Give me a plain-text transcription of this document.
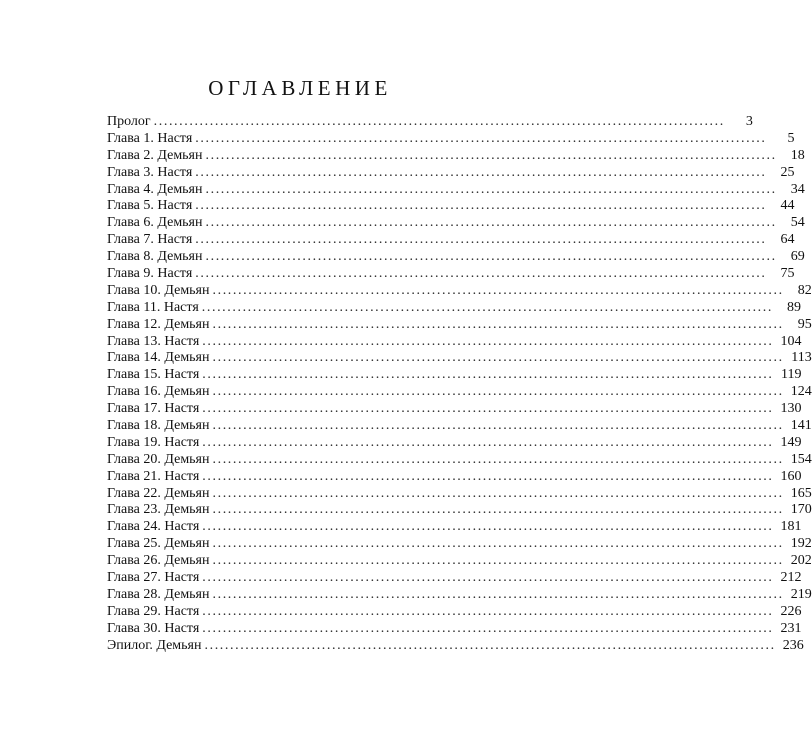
ОГЛАВЛЕНИЕ
Пролог ................................................................................................................	3
Глава 1. Настя ................................................................................................................	5
Глава 2. Демьян ................................................................................................................	18
Глава 3. Настя ................................................................................................................	25
Глава 4. Демьян ................................................................................................................	34
Глава 5. Настя ................................................................................................................	44
Глава 6. Демьян ................................................................................................................	54
Глава 7. Настя ................................................................................................................	64
Глава 8. Демьян ................................................................................................................	69
Глава 9. Настя ................................................................................................................	75
Глава 10. Демьян ................................................................................................................	82
Глава 11. Настя ................................................................................................................	89
Глава 12. Демьян ................................................................................................................	95
Глава 13. Настя ................................................................................................................ 104
Глава 14. Демьян ................................................................................................................ 113
Глава 15. Настя ................................................................................................................ 119
Глава 16. Демьян ................................................................................................................ 124
Глава 17. Настя ................................................................................................................ 130
Глава 18. Демьян ................................................................................................................ 141
Глава 19. Настя ................................................................................................................ 149
Глава 20. Демьян ................................................................................................................ 154
Глава 21. Настя ................................................................................................................ 160
Глава 22. Демьян ................................................................................................................ 165
Глава 23. Демьян ................................................................................................................ 170
Глава 24. Настя ................................................................................................................ 181
Глава 25. Демьян ................................................................................................................ 192
Глава 26. Демьян ................................................................................................................ 202
Глава 27. Настя ................................................................................................................ 212
Глава 28. Демьян ................................................................................................................ 219
Глава 29. Настя ................................................................................................................ 226
Глава 30. Настя ................................................................................................................ 231
Эпилог. Демьян ................................................................................................................ 236
